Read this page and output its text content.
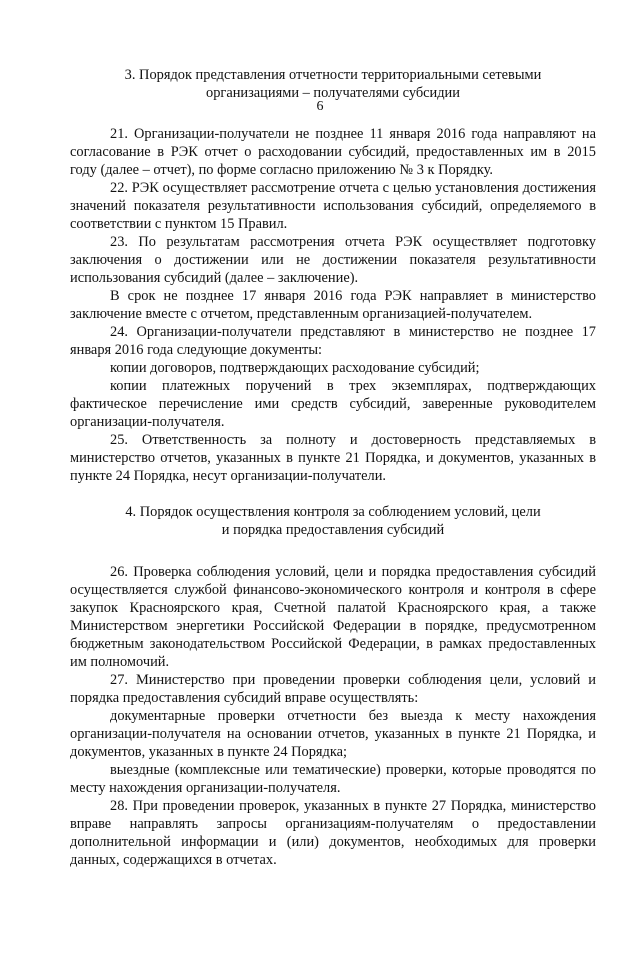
6
3. Порядок представления отчетности территориальными сетевыми
организациями – получателями субсидии

21. Организации-получатели не позднее 11 января 2016 года направляют на согласование в РЭК отчет о расходовании субсидий, предоставленных им в 2015 году (далее – отчет), по форме согласно приложению № 3 к Порядку.

22. РЭК осуществляет рассмотрение отчета с целью установления достижения значений показателя результативности использования субсидий, определяемого в соответствии с пунктом 15 Правил.

23. По результатам рассмотрения отчета РЭК осуществляет подготовку заключения о достижении или не достижении показателя результативности использования субсидий (далее – заключение).

В срок не позднее 17 января 2016 года РЭК направляет в министерство заключение вместе с отчетом, представленным организацией-получателем.

24. Организации-получатели представляют в министерство не позднее 17 января 2016 года следующие документы:

копии договоров, подтверждающих расходование субсидий;

копии платежных поручений в трех экземплярах, подтверждающих фактическое перечисление ими средств субсидий, заверенные руководителем организации-получателя.

25. Ответственность за полноту и достоверность представляемых в министерство отчетов, указанных в пункте 21 Порядка, и документов, указанных в пункте 24 Порядка, несут организации-получатели.

4. Порядок осуществления контроля за соблюдением условий, цели
и порядка предоставления субсидий

26. Проверка соблюдения условий, цели и порядка предоставления субсидий осуществляется службой финансово-экономического контроля и контроля в сфере закупок Красноярского края, Счетной палатой Красноярского края, а также Министерством энергетики Российской Федерации в порядке, предусмотренном бюджетным законодательством Российской Федерации, в рамках предоставленных им полномочий.

27. Министерство при проведении проверки соблюдения цели, условий и порядка предоставления субсидий вправе осуществлять:

документарные проверки отчетности без выезда к месту нахождения организации-получателя на основании отчетов, указанных в пункте 21 Порядка, и документов, указанных в пункте 24 Порядка;

выездные (комплексные или тематические) проверки, которые проводятся по месту нахождения организации-получателя.

28. При проведении проверок, указанных в пункте 27 Порядка, министерство вправе направлять запросы организациям-получателям о предоставлении дополнительной информации и (или) документов, необходимых для проверки данных, содержащихся в отчетах.
